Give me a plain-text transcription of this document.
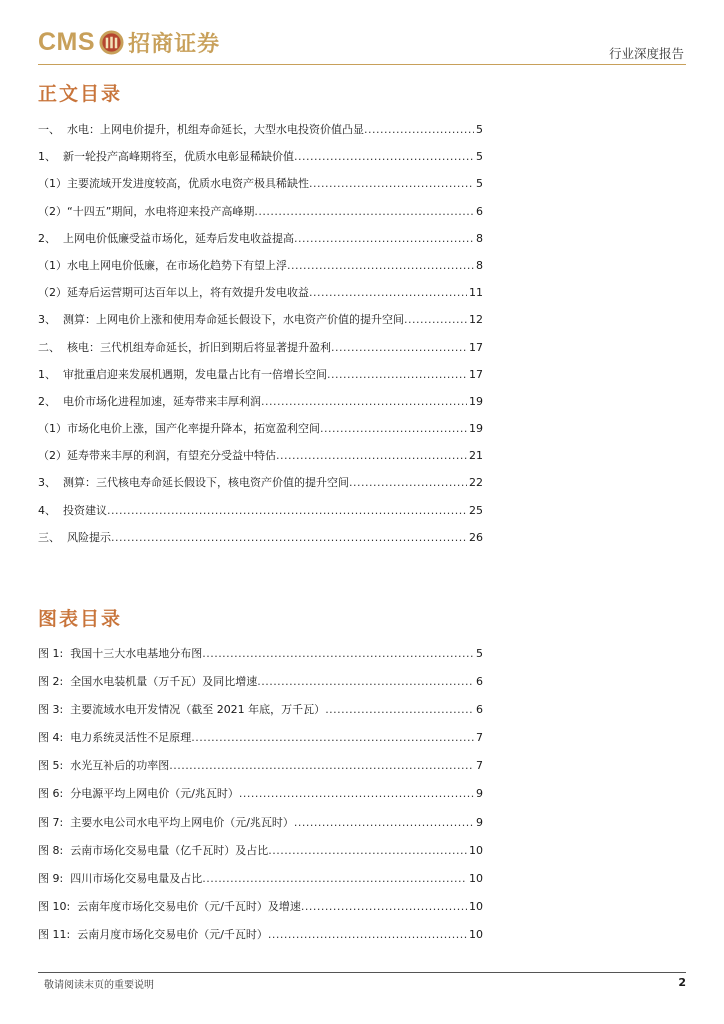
CMS 招商证券	行业深度报告
正文目录
一、  水电：上网电价提升，机组寿命延长，大型水电投资价值凸显 .....	5
1、  新一轮投产高峰期将至，优质水电彰显稀缺价值 .....	5
（1）主要流域开发进度较高，优质水电资产极具稀缺性 .....	5
（2）“十四五”期间，水电将迎来投产高峰期 .....	6
2、  上网电价低廉受益市场化，延寿后发电收益提高 .....	8
（1）水电上网电价低廉，在市场化趋势下有望上浮 .....	8
（2）延寿后运营期可达百年以上，将有效提升发电收益 .....	11
3、  测算：上网电价上涨和使用寿命延长假设下，水电资产价值的提升空间 .....	12
二、  核电：三代机组寿命延长，折旧到期后将显著提升盈利 .....	17
1、  审批重启迎来发展机遇期，发电量占比有一倍增长空间 .....	17
2、  电价市场化进程加速，延寿带来丰厚利润 .....	19
（1）市场化电价上涨，国产化率提升降本，拓宽盈利空间 .....	19
（2）延寿带来丰厚的利润，有望充分受益中特估 .....	21
3、  测算：三代核电寿命延长假设下，核电资产价值的提升空间 .....	22
4、  投资建议 .....	25
三、  风险提示 .....	26
图表目录
图 1:  我国十三大水电基地分布图 .....	5
图 2:  全国水电装机量（万千瓦）及同比增速 .....	6
图 3:  主要流域水电开发情况（截至 2021 年底，万千瓦） .....	6
图 4:  电力系统灵活性不足原理 .....	7
图 5:  水光互补后的功率图 .....	7
图 6:  分电源平均上网电价（元/兆瓦时） .....	9
图 7:  主要水电公司水电平均上网电价（元/兆瓦时） .....	9
图 8:  云南市场化交易电量（亿千瓦时）及占比 .....	10
图 9:  四川市场化交易电量及占比 .....	10
图 10:  云南年度市场化交易电价（元/千瓦时）及增速 .....	10
图 11:  云南月度市场化交易电价（元/千瓦时） .....	10
敬请阅读末页的重要说明	2
